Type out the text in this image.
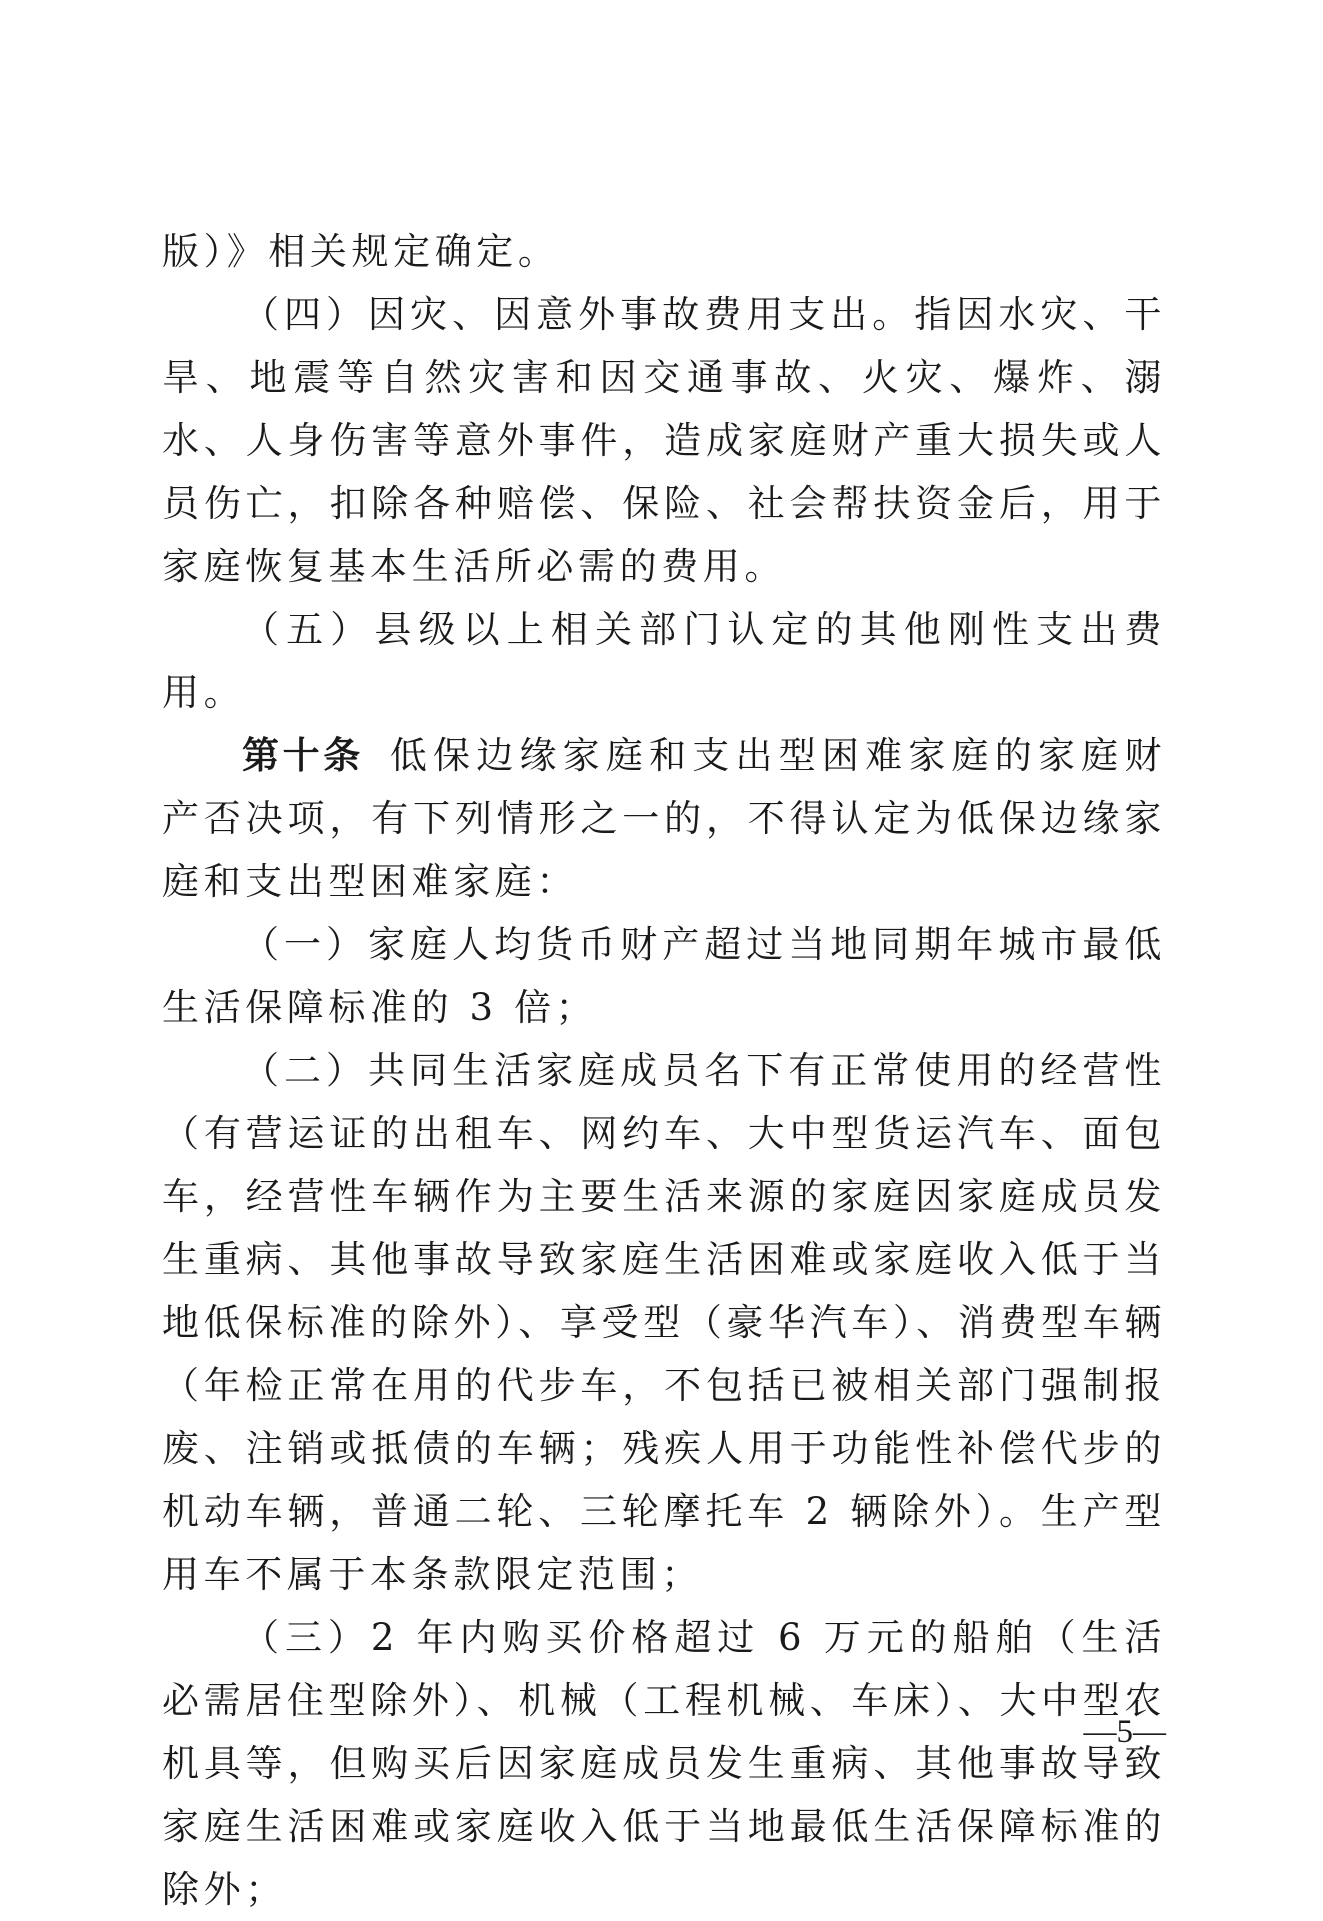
版）》相关规定确定。

（四）因灾、因意外事故费用支出。指因水灾、干旱、地震等自然灾害和因交通事故、火灾、爆炸、溺水、人身伤害等意外事件，造成家庭财产重大损失或人员伤亡，扣除各种赔偿、保险、社会帮扶资金后，用于家庭恢复基本生活所必需的费用。

（五）县级以上相关部门认定的其他刚性支出费用。

第十条 低保边缘家庭和支出型困难家庭的家庭财产否决项，有下列情形之一的，不得认定为低保边缘家庭和支出型困难家庭：

（一）家庭人均货币财产超过当地同期年城市最低生活保障标准的 3 倍；

（二）共同生活家庭成员名下有正常使用的经营性（有营运证的出租车、网约车、大中型货运汽车、面包车，经营性车辆作为主要生活来源的家庭因家庭成员发生重病、其他事故导致家庭生活困难或家庭收入低于当地低保标准的除外）、享受型（豪华汽车）、消费型车辆（年检正常在用的代步车，不包括已被相关部门强制报废、注销或抵债的车辆；残疾人用于功能性补偿代步的机动车辆，普通二轮、三轮摩托车 2 辆除外）。生产型用车不属于本条款限定范围；

（三）2 年内购买价格超过 6 万元的船舶（生活必需居住型除外）、机械（工程机械、车床）、大中型农机具等，但购买后因家庭成员发生重病、其他事故导致家庭生活困难或家庭收入低于当地最低生活保障标准的除外；

—5—
